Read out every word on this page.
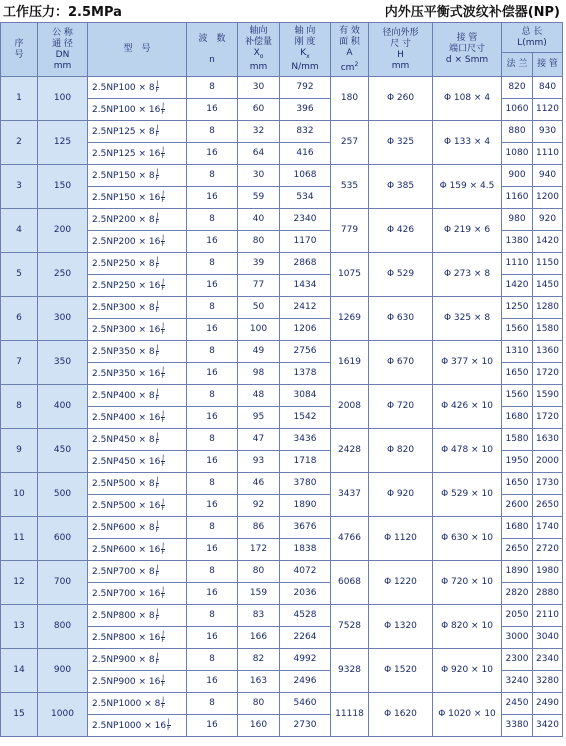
工作压力：2.5MPa	内外压平衡式波纹补偿器(NP)
序
号	公 称
通 径
DN
mm	型　号	波　数
n	轴向
补偿量
$X_o$
mm	轴 向
刚 度
$K_x$
N/mm	有 效
面 积
A
$cm^2$	径向外形
尺 寸
H
mm	接 管
端口尺寸
d × Smm	总 长
L(mm)	

									法 兰	接 管
1	100	$2.5NP100 \times 8 \frac{J}{F}$	8	30	792	180	Φ 260	Φ 108 × 4	820	840
		$2.5NP100 \times 16 \frac{J}{F}$	16	60	396				1060	1120
2	125	$2.5NP125 \times 8 \frac{J}{F}$	8	32	832	257	Φ 325	Φ 133 × 4	880	930
		$2.5NP125 \times 16 \frac{J}{F}$	16	64	416				1080	1110
3	150	$2.5NP150 \times 8 \frac{J}{F}$	8	30	1068	535	Φ 385	Φ 159 × 4.5	900	940
		$2.5NP150 \times 16 \frac{J}{F}$	16	59	534				1160	1200
4	200	$2.5NP200 \times 8 \frac{J}{F}$	8	40	2340	779	Φ 426	Φ 219 × 6	980	920
		$2.5NP200 \times 16 \frac{J}{F}$	16	80	1170				1380	1420
5	250	$2.5NP250 \times 8 \frac{J}{F}$	8	39	2868	1075	Φ 529	Φ 273 × 8	1110	1150
		$2.5NP250 \times 16 \frac{J}{F}$	16	77	1434				1420	1450
6	300	$2.5NP300 \times 8 \frac{J}{F}$	8	50	2412	1269	Φ 630	Φ 325 × 8	1250	1280
		$2.5NP300 \times 16 \frac{J}{F}$	16	100	1206				1560	1580
7	350	$2.5NP350 \times 8 \frac{J}{F}$	8	49	2756	1619	Φ 670	Φ 377 × 10	1310	1360
		$2.5NP350 \times 16 \frac{J}{F}$	16	98	1378				1650	1720
8	400	$2.5NP400 \times 8 \frac{J}{F}$	8	48	3084	2008	Φ 720	Φ 426 × 10	1560	1590
		$2.5NP400 \times 16 \frac{J}{F}$	16	95	1542				1680	1720
9	450	$2.5NP450 \times 8 \frac{J}{F}$	8	47	3436	2428	Φ 820	Φ 478 × 10	1580	1630
		$2.5NP450 \times 16 \frac{J}{F}$	16	93	1718				1950	2000
10	500	$2.5NP500 \times 8 \frac{J}{F}$	8	46	3780	3437	Φ 920	Φ 529 × 10	1650	1730
		$2.5NP500 \times 16 \frac{J}{F}$	16	92	1890				2600	2650
11	600	$2.5NP600 \times 8 \frac{J}{F}$	8	86	3676	4766	Φ 1120	Φ 630 × 10	1680	1740
		$2.5NP600 \times 16 \frac{J}{F}$	16	172	1838				2650	2720
12	700	$2.5NP700 \times 8 \frac{J}{F}$	8	80	4072	6068	Φ 1220	Φ 720 × 10	1890	1980
		$2.5NP700 \times 16 \frac{J}{F}$	16	159	2036				2820	2880
13	800	$2.5NP800 \times 8 \frac{J}{F}$	8	83	4528	7528	Φ 1320	Φ 820 × 10	2050	2110
		$2.5NP800 \times 16 \frac{J}{F}$	16	166	2264				3000	3040
14	900	$2.5NP900 \times 8 \frac{J}{F}$	8	82	4992	9328	Φ 1520	Φ 920 × 10	2300	2340
		$2.5NP900 \times 16 \frac{J}{F}$	16	163	2496				3240	3280
15	1000	$2.5NP1000 \times 8 \frac{J}{F}$	8	80	5460	11118	Φ 1620	Φ 1020 × 10	2450	2490
		$2.5NP1000 \times 16 \frac{J}{F}$	16	160	2730				3380	3420
